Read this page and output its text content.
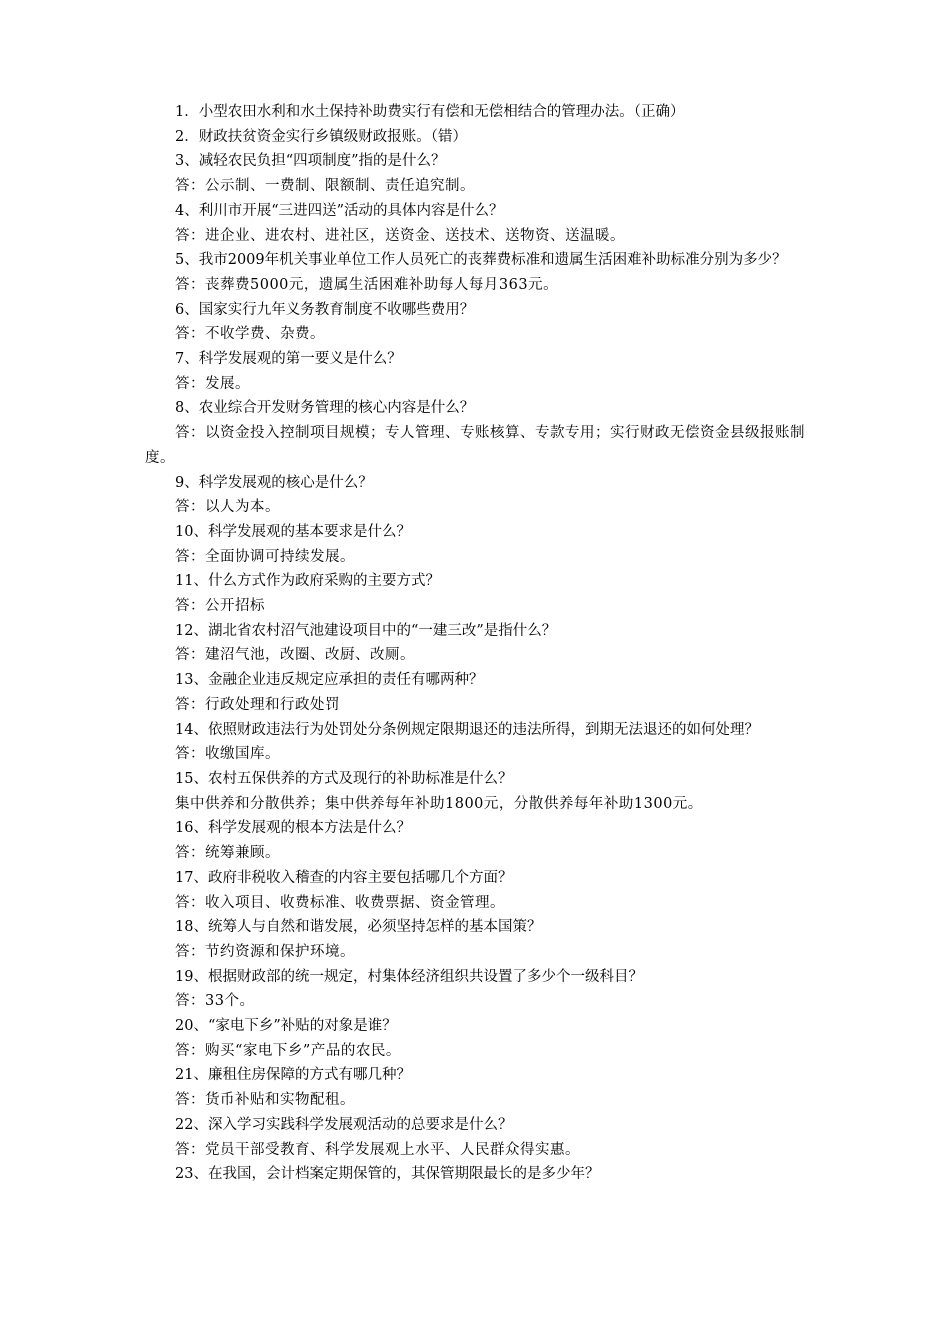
1．小型农田水利和水土保持补助费实行有偿和无偿相结合的管理办法。（正确）
2．财政扶贫资金实行乡镇级财政报账。（错）
3、减轻农民负担“四项制度”指的是什么？
答：公示制、一费制、限额制、责任追究制。
4、利川市开展“三进四送”活动的具体内容是什么？
答：进企业、进农村、进社区，送资金、送技术、送物资、送温暖。
5、我市2009年机关事业单位工作人员死亡的丧葬费标准和遗属生活困难补助标准分别为多少？
答：丧葬费5000元，遗属生活困难补助每人每月363元。
6、国家实行九年义务教育制度不收哪些费用？
答：不收学费、杂费。
7、科学发展观的第一要义是什么？
答：发展。
8、农业综合开发财务管理的核心内容是什么？
答：以资金投入控制项目规模；专人管理、专账核算、专款专用；实行财政无偿资金县级报账制度。
9、科学发展观的核心是什么？
答：以人为本。
10、科学发展观的基本要求是什么？
答：全面协调可持续发展。
11、什么方式作为政府采购的主要方式？
答：公开招标
12、湖北省农村沼气池建设项目中的“一建三改”是指什么？
答：建沼气池，改圈、改厨、改厕。
13、金融企业违反规定应承担的责任有哪两种？
答：行政处理和行政处罚
14、依照财政违法行为处罚处分条例规定限期退还的违法所得，到期无法退还的如何处理？
答：收缴国库。
15、农村五保供养的方式及现行的补助标准是什么？
集中供养和分散供养；集中供养每年补助1800元，分散供养每年补助1300元。
16、科学发展观的根本方法是什么？
答：统筹兼顾。
17、政府非税收入稽查的内容主要包括哪几个方面？
答：收入项目、收费标准、收费票据、资金管理。
18、统筹人与自然和谐发展，必须坚持怎样的基本国策？
答：节约资源和保护环境。
19、根据财政部的统一规定，村集体经济组织共设置了多少个一级科目？
答：33个。
20、“家电下乡”补贴的对象是谁？
答：购买“家电下乡”产品的农民。
21、廉租住房保障的方式有哪几种？
答：货币补贴和实物配租。
22、深入学习实践科学发展观活动的总要求是什么？
答：党员干部受教育、科学发展观上水平、人民群众得实惠。
23、在我国，会计档案定期保管的，其保管期限最长的是多少年？
